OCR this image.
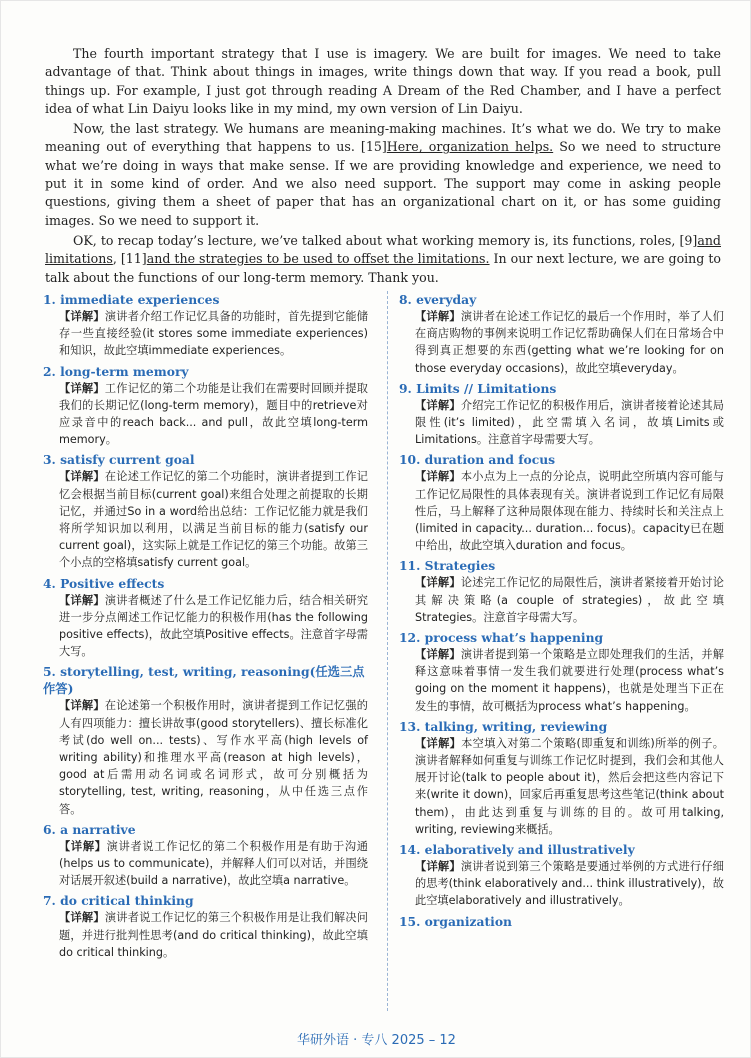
The fourth important strategy that I use is imagery. We are built for images. We need to take advantage of that. Think about things in images, write things down that way. If you read a book, pull things up. For example, I just got through reading A Dream of the Red Chamber, and I have a perfect idea of what Lin Daiyu looks like in my mind, my own version of Lin Daiyu.

Now, the last strategy. We humans are meaning-making machines. It’s what we do. We try to make meaning out of everything that happens to us. [15]Here, organization helps. So we need to structure what we’re doing in ways that make sense. If we are providing knowledge and experience, we need to put it in some kind of order. And we also need support. The support may come in asking people questions, giving them a sheet of paper that has an organizational chart on it, or has some guiding images. So we need to support it.

OK, to recap today’s lecture, we’ve talked about what working memory is, its functions, roles, [9]and limitations, [11]and the strategies to be used to offset the limitations. In our next lecture, we are going to talk about the functions of our long-term memory. Thank you.

1. immediate experiences
【详解】演讲者介绍工作记忆具备的功能时，首先提到它能储存一些直接经验(it stores some immediate experiences)和知识，故此空填immediate experiences。
2. long-term memory
【详解】工作记忆的第二个功能是让我们在需要时回顾并提取我们的长期记忆(long-term memory)，题目中的retrieve对应录音中的reach back... and pull，故此空填long-term memory。
3. satisfy current goal
【详解】在论述工作记忆的第二个功能时，演讲者提到工作记忆会根据当前目标(current goal)来组合处理之前提取的长期记忆，并通过So in a word给出总结：工作记忆能力就是我们将所学知识加以利用，以满足当前目标的能力(satisfy our current goal)，这实际上就是工作记忆的第三个功能。故第三个小点的空格填satisfy current goal。
4. Positive effects
【详解】演讲者概述了什么是工作记忆能力后，结合相关研究进一步分点阐述工作记忆能力的积极作用(has the following positive effects)，故此空填Positive effects。注意首字母需大写。
5. storytelling, test, writing, reasoning(任选三点作答)
【详解】在论述第一个积极作用时，演讲者提到工作记忆强的人有四项能力：擅长讲故事(good storytellers)、擅长标准化考试(do well on... tests)、写作水平高(high levels of writing ability)和推理水平高(reason at high levels)，good at后需用动名词或名词形式，故可分别概括为storytelling, test, writing, reasoning，从中任选三点作答。
6. a narrative
【详解】演讲者说工作记忆的第二个积极作用是有助于沟通(helps us to communicate)，并解释人们可以对话，并围绕对话展开叙述(build a narrative)，故此空填a narrative。
7. do critical thinking
【详解】演讲者说工作记忆的第三个积极作用是让我们解决问题，并进行批判性思考(and do critical thinking)，故此空填do critical thinking。
8. everyday
【详解】演讲者在论述工作记忆的最后一个作用时，举了人们在商店购物的事例来说明工作记忆帮助确保人们在日常场合中得到真正想要的东西(getting what we’re looking for on those everyday occasions)，故此空填everyday。
9. Limits // Limitations
【详解】介绍完工作记忆的积极作用后，演讲者接着论述其局限性(it’s limited)，此空需填入名词，故填Limits或Limitations。注意首字母需要大写。
10. duration and focus
【详解】本小点为上一点的分论点，说明此空所填内容可能与工作记忆局限性的具体表现有关。演讲者说到工作记忆有局限性后，马上解释了这种局限体现在能力、持续时长和关注点上(limited in capacity... duration... focus)。capacity已在题中给出，故此空填入duration and focus。
11. Strategies
【详解】论述完工作记忆的局限性后，演讲者紧接着开始讨论其解决策略(a couple of strategies)，故此空填Strategies。注意首字母需大写。
12. process what’s happening
【详解】演讲者提到第一个策略是立即处理我们的生活，并解释这意味着事情一发生我们就要进行处理(process what’s going on the moment it happens)，也就是处理当下正在发生的事情，故可概括为process what’s happening。
13. talking, writing, reviewing
【详解】本空填入对第二个策略(即重复和训练)所举的例子。演讲者解释如何重复与训练工作记忆时提到，我们会和其他人展开讨论(talk to people about it)，然后会把这些内容记下来(write it down)，回家后再重复思考这些笔记(think about them)，由此达到重复与训练的目的。故可用talking, writing, reviewing来概括。
14. elaboratively and illustratively
【详解】演讲者说到第三个策略是要通过举例的方式进行仔细的思考(think elaboratively and... think illustratively)，故此空填elaboratively and illustratively。
15. organization
华研外语 · 专八 2025 – 12
